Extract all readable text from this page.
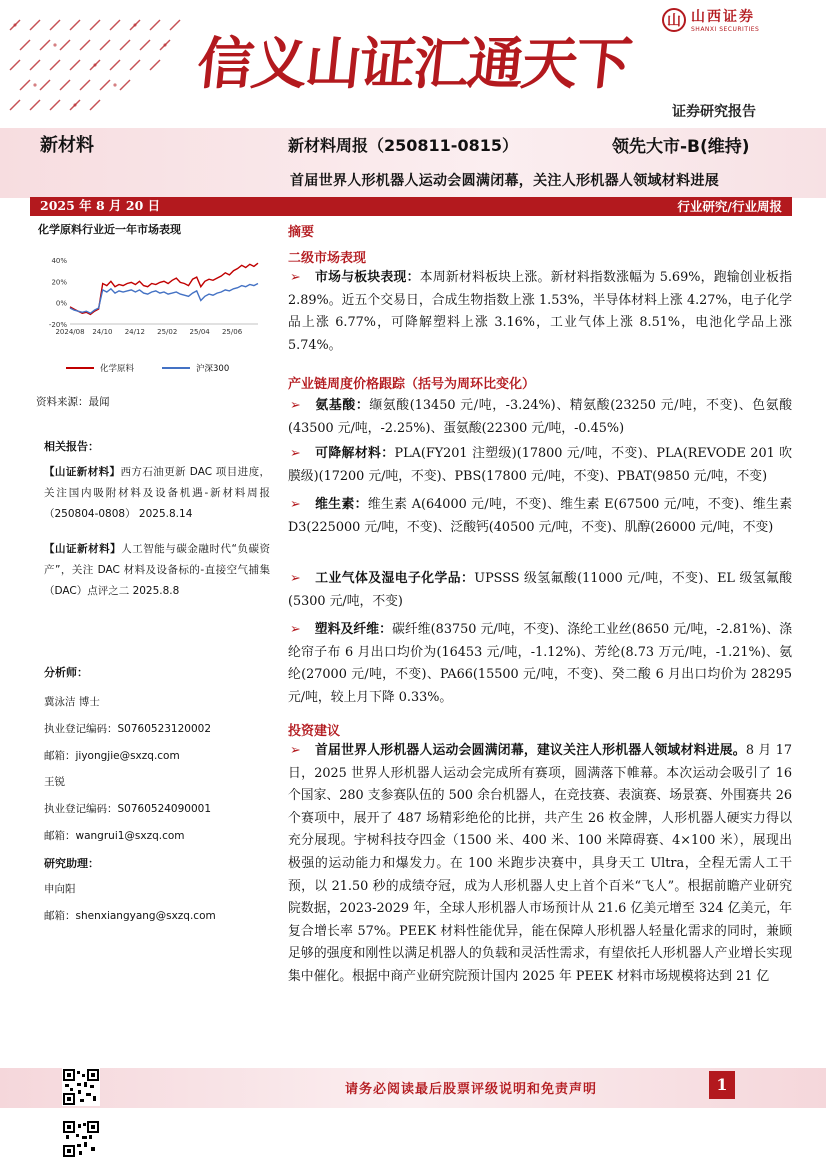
信义山证汇通天下
山 山西证券
SHANXI SECURITIES
证券研究报告
新材料	新材料周报（250811-0815）	领先大市-B(维持)
首届世界人形机器人运动会圆满闭幕，关注人形机器人领域材料进展
2025 年 8 月 20 日	行业研究/行业周报
化学原料行业近一年市场表现
40%
20%
0%
-20%
2024/08 24/10 24/12 25/02 25/04 25/06
化学原料	沪深300
资料来源：最闻
相关报告：
【山证新材料】西方石油更新 DAC 项目进度，关注国内吸附材料及设备机遇-新材料周报（250804-0808） 2025.8.14
【山证新材料】人工智能与碳金融时代“负碳资产”，关注 DAC 材料及设备标的-直接空气捕集（DAC）点评之二 2025.8.8
分析师：
冀泳洁 博士
执业登记编码：S0760523120002
邮箱：jiyongjie@sxzq.com
王锐
执业登记编码：S0760524090001
邮箱：wangrui1@sxzq.com
研究助理：
申向阳
邮箱：shenxiangyang@sxzq.com
摘要
二级市场表现
➢ 市场与板块表现：本周新材料板块上涨。新材料指数涨幅为 5.69%，跑输创业板指 2.89%。近五个交易日，合成生物指数上涨 1.53%，半导体材料上涨 4.27%，电子化学品上涨 6.77%，可降解塑料上涨 3.16%，工业气体上涨 8.51%，电池化学品上涨 5.74%。
产业链周度价格跟踪（括号为周环比变化）
➢ 氨基酸：缬氨酸(13450 元/吨，-3.24%)、精氨酸(23250 元/吨，不变)、色氨酸(43500 元/吨，-2.25%)、蛋氨酸(22300 元/吨，-0.45%)
➢ 可降解材料：PLA(FY201 注塑级)(17800 元/吨，不变)、PLA(REVODE 201 吹膜级)(17200 元/吨，不变)、PBS(17800 元/吨，不变)、PBAT(9850 元/吨，不变)
➢ 维生素：维生素 A(64000 元/吨，不变)、维生素 E(67500 元/吨，不变)、维生素 D3(225000 元/吨，不变)、泛酸钙(40500 元/吨，不变)、肌醇(26000 元/吨，不变)
➢ 工业气体及湿电子化学品：UPSSS 级氢氟酸(11000 元/吨，不变)、EL 级氢氟酸(5300 元/吨，不变)
➢ 塑料及纤维：碳纤维(83750 元/吨，不变)、涤纶工业丝(8650 元/吨，-2.81%)、涤纶帘子布 6 月出口均价为(16453 元/吨，-1.12%)、芳纶(8.73 万元/吨，-1.21%)、氨纶(27000 元/吨，不变)、PA66(15500 元/吨，不变)、癸二酸 6 月出口均价为 28295 元/吨，较上月下降 0.33%。
投资建议
➢ 首届世界人形机器人运动会圆满闭幕，建议关注人形机器人领域材料进展。8 月 17 日，2025 世界人形机器人运动会完成所有赛项，圆满落下帷幕。本次运动会吸引了 16 个国家、280 支参赛队伍的 500 余台机器人，在竞技赛、表演赛、场景赛、外围赛共 26 个赛项中，展开了 487 场精彩绝伦的比拼，共产生 26 枚金牌，人形机器人硬实力得以充分展现。宇树科技夺四金（1500 米、400 米、100 米障碍赛、4×100 米），展现出极强的运动能力和爆发力。在 100 米跑步决赛中，具身天工 Ultra，全程无需人工干预，以 21.50 秒的成绩夺冠，成为人形机器人史上首个百米“飞人”。根据前瞻产业研究院数据，2023-2029 年，全球人形机器人市场预计从 21.6 亿美元增至 324 亿美元，年复合增长率 57%。PEEK 材料性能优异，能在保障人形机器人轻量化需求的同时，兼顾足够的强度和刚性以满足机器人的负载和灵活性需求，有望依托人形机器人产业增长实现集中催化。根据中商产业研究院预计国内 2025 年 PEEK 材料市场规模将达到 21 亿
请务必阅读最后股票评级说明和免责声明	1
